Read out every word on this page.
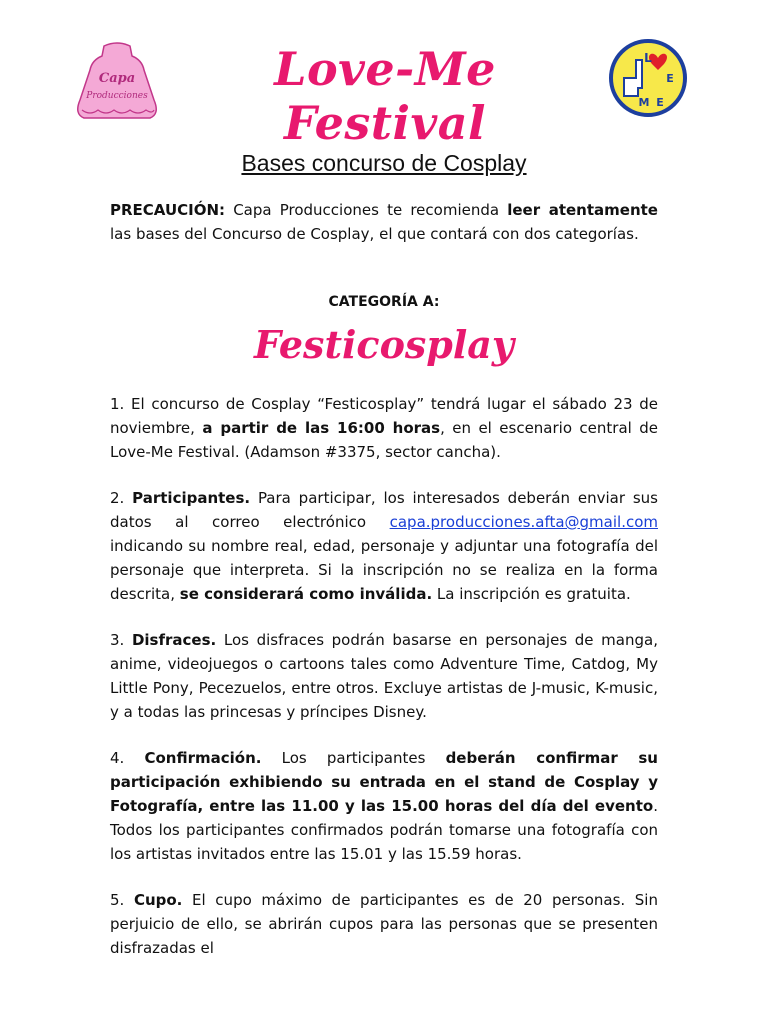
Capa
Producciones	Love-Me Festival
L
E
M E
Bases concurso de Cosplay

PRECAUCIÓN: Capa Producciones te recomienda leer atentamente las bases del Concurso de Cosplay, el que contará con dos categorías.

CATEGORÍA A:
Festicosplay

1. El concurso de Cosplay “Festicosplay” tendrá lugar el sábado 23 de noviembre, a partir de las 16:00 horas, en el escenario central de Love-Me Festival. (Adamson #3375, sector cancha).

2. Participantes. Para participar, los interesados deberán enviar sus datos al correo electrónico capa.producciones.afta@gmail.com indicando su nombre real, edad, personaje y adjuntar una fotografía del personaje que interpreta. Si la inscripción no se realiza en la forma descrita, se considerará como inválida. La inscripción es gratuita.

3. Disfraces. Los disfraces podrán basarse en personajes de manga, anime, videojuegos o cartoons tales como Adventure Time, Catdog, My Little Pony, Pecezuelos, entre otros. Excluye artistas de J-music, K-music, y a todas las princesas y príncipes Disney.

4. Confirmación. Los participantes deberán confirmar su participación exhibiendo su entrada en el stand de Cosplay y Fotografía, entre las 11.00 y las 15.00 horas del día del evento. Todos los participantes confirmados podrán tomarse una fotografía con los artistas invitados entre las 15.01 y las 15.59 horas.

5. Cupo. El cupo máximo de participantes es de 20 personas. Sin perjuicio de ello, se abrirán cupos para las personas que se presenten disfrazadas el
